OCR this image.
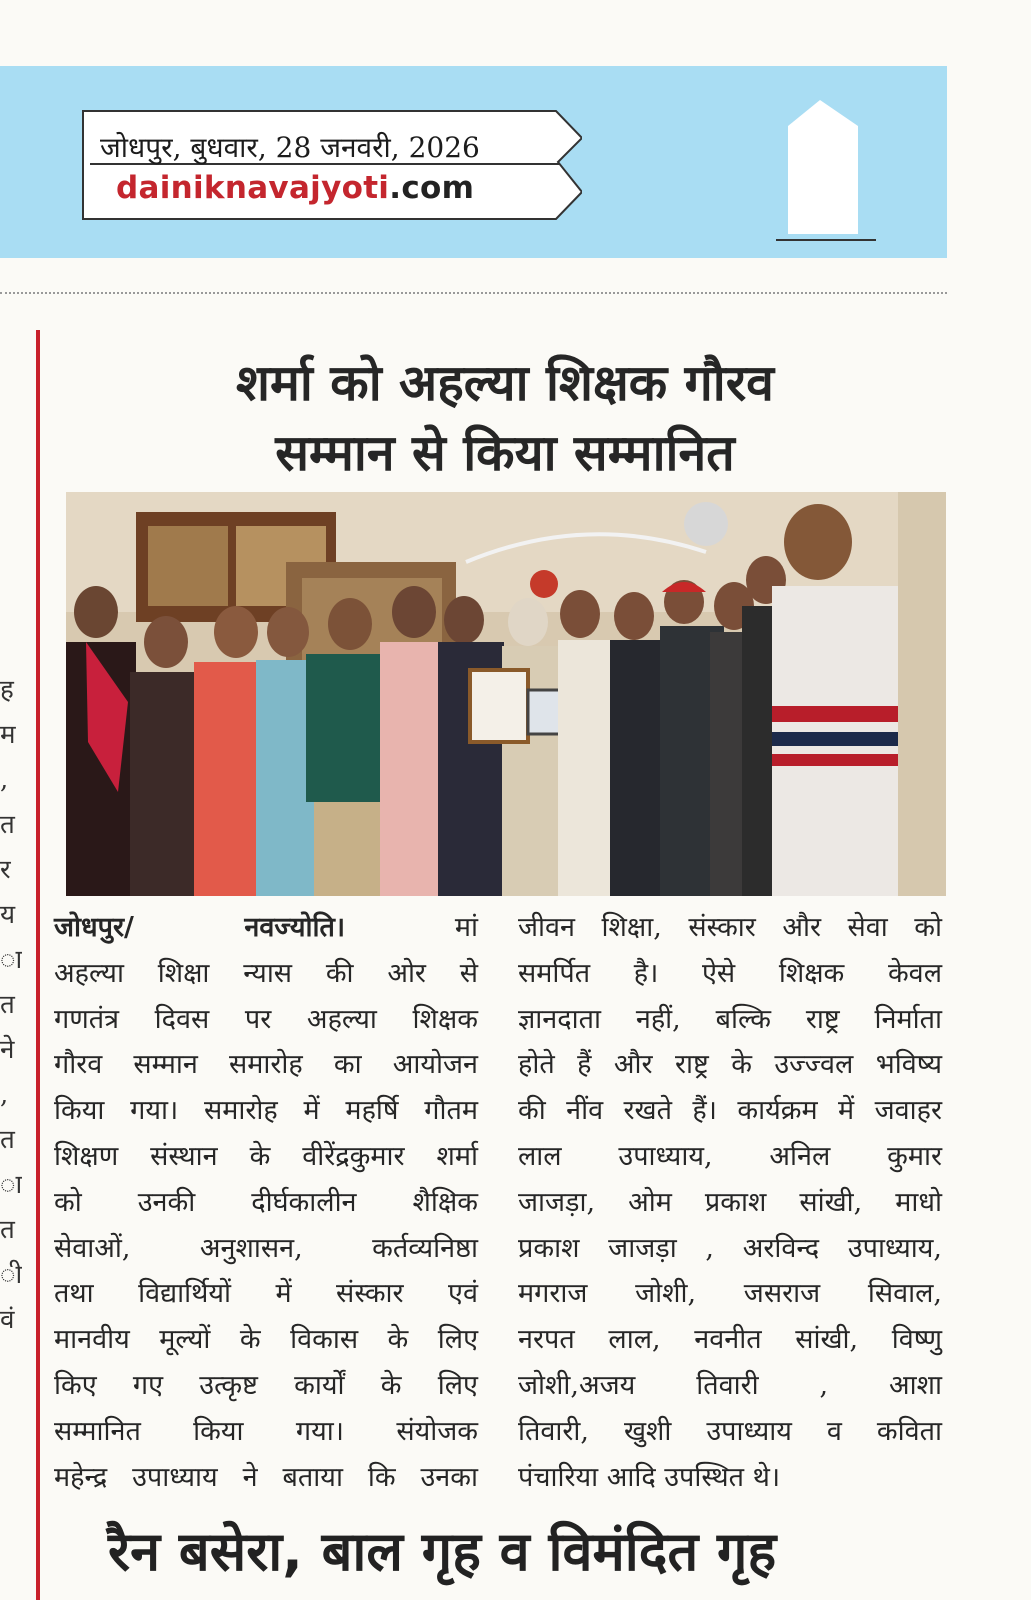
जोधपुर, बुधवार, 28 जनवरी, 2026
dainiknavajyoti.com
ह
म
,
त
र
य
ा
त
ने
,
त
ा
त
ी
वं
शर्मा को अहल्या शिक्षक गौरव
सम्मान से किया सम्मानित
जोधपुर/ नवज्योति। मां
अहल्या शिक्षा न्यास की ओर से
गणतंत्र दिवस पर अहल्या शिक्षक
गौरव सम्मान समारोह का आयोजन
किया गया। समारोह में महर्षि गौतम
शिक्षण संस्थान के वीरेंद्रकुमार शर्मा
को उनकी दीर्घकालीन शैक्षिक
सेवाओं, अनुशासन, कर्तव्यनिष्ठा
तथा विद्यार्थियों में संस्कार एवं
मानवीय मूल्यों के विकास के लिए
किए गए उत्कृष्ट कार्यों के लिए
सम्मानित किया गया। संयोजक
महेन्द्र उपाध्याय ने बताया कि उनका
जीवन शिक्षा, संस्कार और सेवा को
समर्पित है। ऐसे शिक्षक केवल
ज्ञानदाता नहीं, बल्कि राष्ट्र निर्माता
होते हैं और राष्ट्र के उज्ज्वल भविष्य
की नींव रखते हैं। कार्यक्रम में जवाहर
लाल उपाध्याय, अनिल कुमार
जाजड़ा, ओम प्रकाश सांखी, माधो
प्रकाश जाजड़ा , अरविन्द उपाध्याय,
मगराज जोशी, जसराज सिवाल,
नरपत लाल, नवनीत सांखी, विष्णु
जोशी,अजय तिवारी , आशा
तिवारी, खुशी उपाध्याय व कविता
पंचारिया आदि उपस्थित थे।
रैन बसेरा, बाल गृह व विमंदित गृह
